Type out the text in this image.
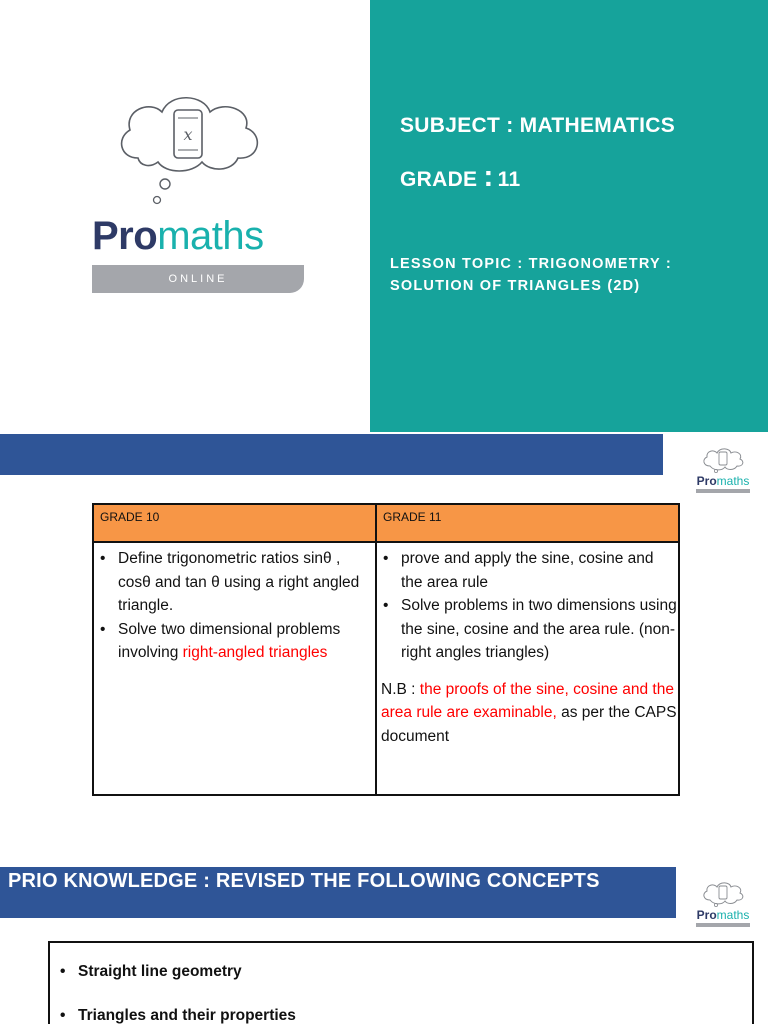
x
Promaths
ONLINE
SUBJECT : MATHEMATICS
GRADE : 11
LESSON TOPIC : TRIGONOMETRY :
SOLUTION OF TRIANGLES (2D)
Promaths
GRADE 10	GRADE 11
• Define trigonometric ratios sinθ , cosθ and tan θ using a right angled triangle.
• Solve two dimensional problems involving right-angled triangles
• prove and apply the sine, cosine and the area rule
• Solve problems in two dimensions using the sine, cosine and the area rule. (non-right angles triangles)
N.B : the proofs of the sine, cosine and the area rule are examinable, as per the CAPS document
PRIO KNOWLEDGE : REVISED THE FOLLOWING CONCEPTS
Promaths
• Straight line geometry
• Triangles and their properties
